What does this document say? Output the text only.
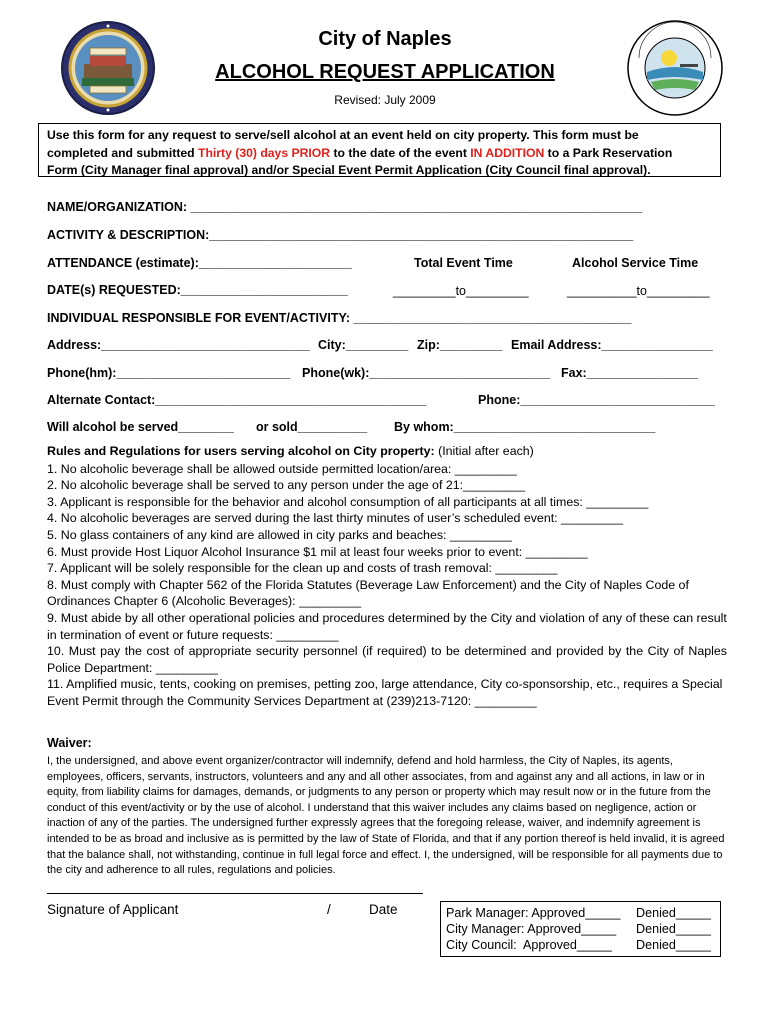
City of Naples
ALCOHOL REQUEST APPLICATION
Revised: July 2009
Use this form for any request to serve/sell alcohol at an event held on city property. This form must be
completed and submitted Thirty (30) days PRIOR to the date of the event IN ADDITION to a Park Reservation
Form (City Manager final approval) and/or Special Event Permit Application (City Council final approval).
NAME/ORGANIZATION: _________________________________________________________________
ACTIVITY & DESCRIPTION:_____________________________________________________________
ATTENDANCE (estimate):______________________	Total Event Time	Alcohol Service Time
DATE(s) REQUESTED:________________________	_________to_________	__________to_________
INDIVIDUAL RESPONSIBLE FOR EVENT/ACTIVITY: ________________________________________
Address:______________________________ City:_________ Zip:_________ Email Address:________________
Phone(hm):_________________________ Phone(wk):__________________________ Fax:________________
Alternate Contact:_______________________________________	Phone:____________________________
Will alcohol be served________ or sold__________ By whom:_____________________________
Rules and Regulations for users serving alcohol on City property: (Initial after each)
1. No alcoholic beverage shall be allowed outside permitted location/area: _________
2. No alcoholic beverage shall be served to any person under the age of 21:_________
3. Applicant is responsible for the behavior and alcohol consumption of all participants at all times: _________
4. No alcoholic beverages are served during the last thirty minutes of user’s scheduled event: _________
5. No glass containers of any kind are allowed in city parks and beaches: _________
6. Must provide Host Liquor Alcohol Insurance $1 mil at least four weeks prior to event: _________
7. Applicant will be solely responsible for the clean up and costs of trash removal: _________
8. Must comply with Chapter 562 of the Florida Statutes (Beverage Law Enforcement) and the City of Naples Code of Ordinances Chapter 6 (Alcoholic Beverages): _________
9. Must abide by all other operational policies and procedures determined by the City and violation of any of these can result in termination of event or future requests: _________
10. Must pay the cost of appropriate security personnel (if required) to be determined and provided by the City of Naples Police Department: _________
11. Amplified music, tents, cooking on premises, petting zoo, large attendance, City co-sponsorship, etc., requires a Special Event Permit through the Community Services Department at (239)213-7120: _________
Waiver:
I, the undersigned, and above event organizer/contractor will indemnify, defend and hold harmless, the City of Naples, its agents, employees, officers, servants, instructors, volunteers and any and all other associates, from and against any and all actions, in law or in equity, from liability claims for damages, demands, or judgments to any person or property which may result now or in the future from the conduct of this event/activity or by the use of alcohol. I understand that this waiver includes any claims based on negligence, action or inaction of any of the parties. The undersigned further expressly agrees that the foregoing release, waiver, and indemnify agreement is intended to be as broad and inclusive as is permitted by the law of State of Florida, and that if any portion thereof is held invalid, it is agreed that the balance shall, not withstanding, continue in full legal force and effect. I, the undersigned, will be responsible for all payments due to the city and adherence to all rules, regulations and policies.
Signature of Applicant	/	Date	Park Manager: Approved_____ Denied_____
City Manager: Approved_____ Denied_____
City Council:  Approved_____ Denied_____
